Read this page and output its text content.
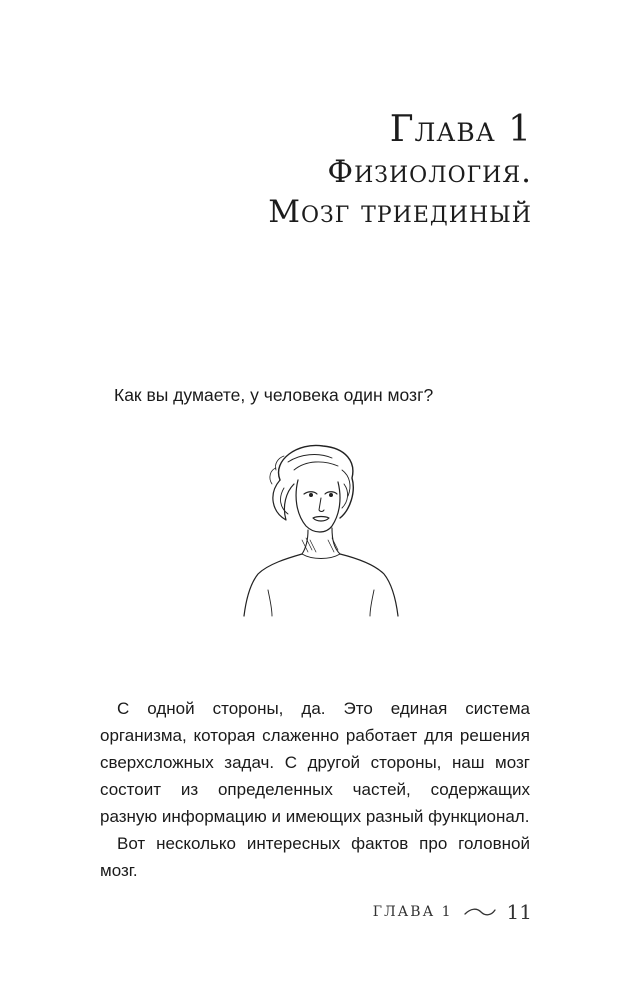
Глава 1
Физиология.
Мозг триединый
Как вы думаете, у человека один мозг?

С одной стороны, да. Это единая система организма, которая слаженно работает для решения сверхсложных задач. С другой стороны, наш мозг состоит из определенных частей, содержащих разную информацию и имеющих разный функционал.

Вот несколько интересных фактов про головной мозг.

ГЛАВА 1	11
